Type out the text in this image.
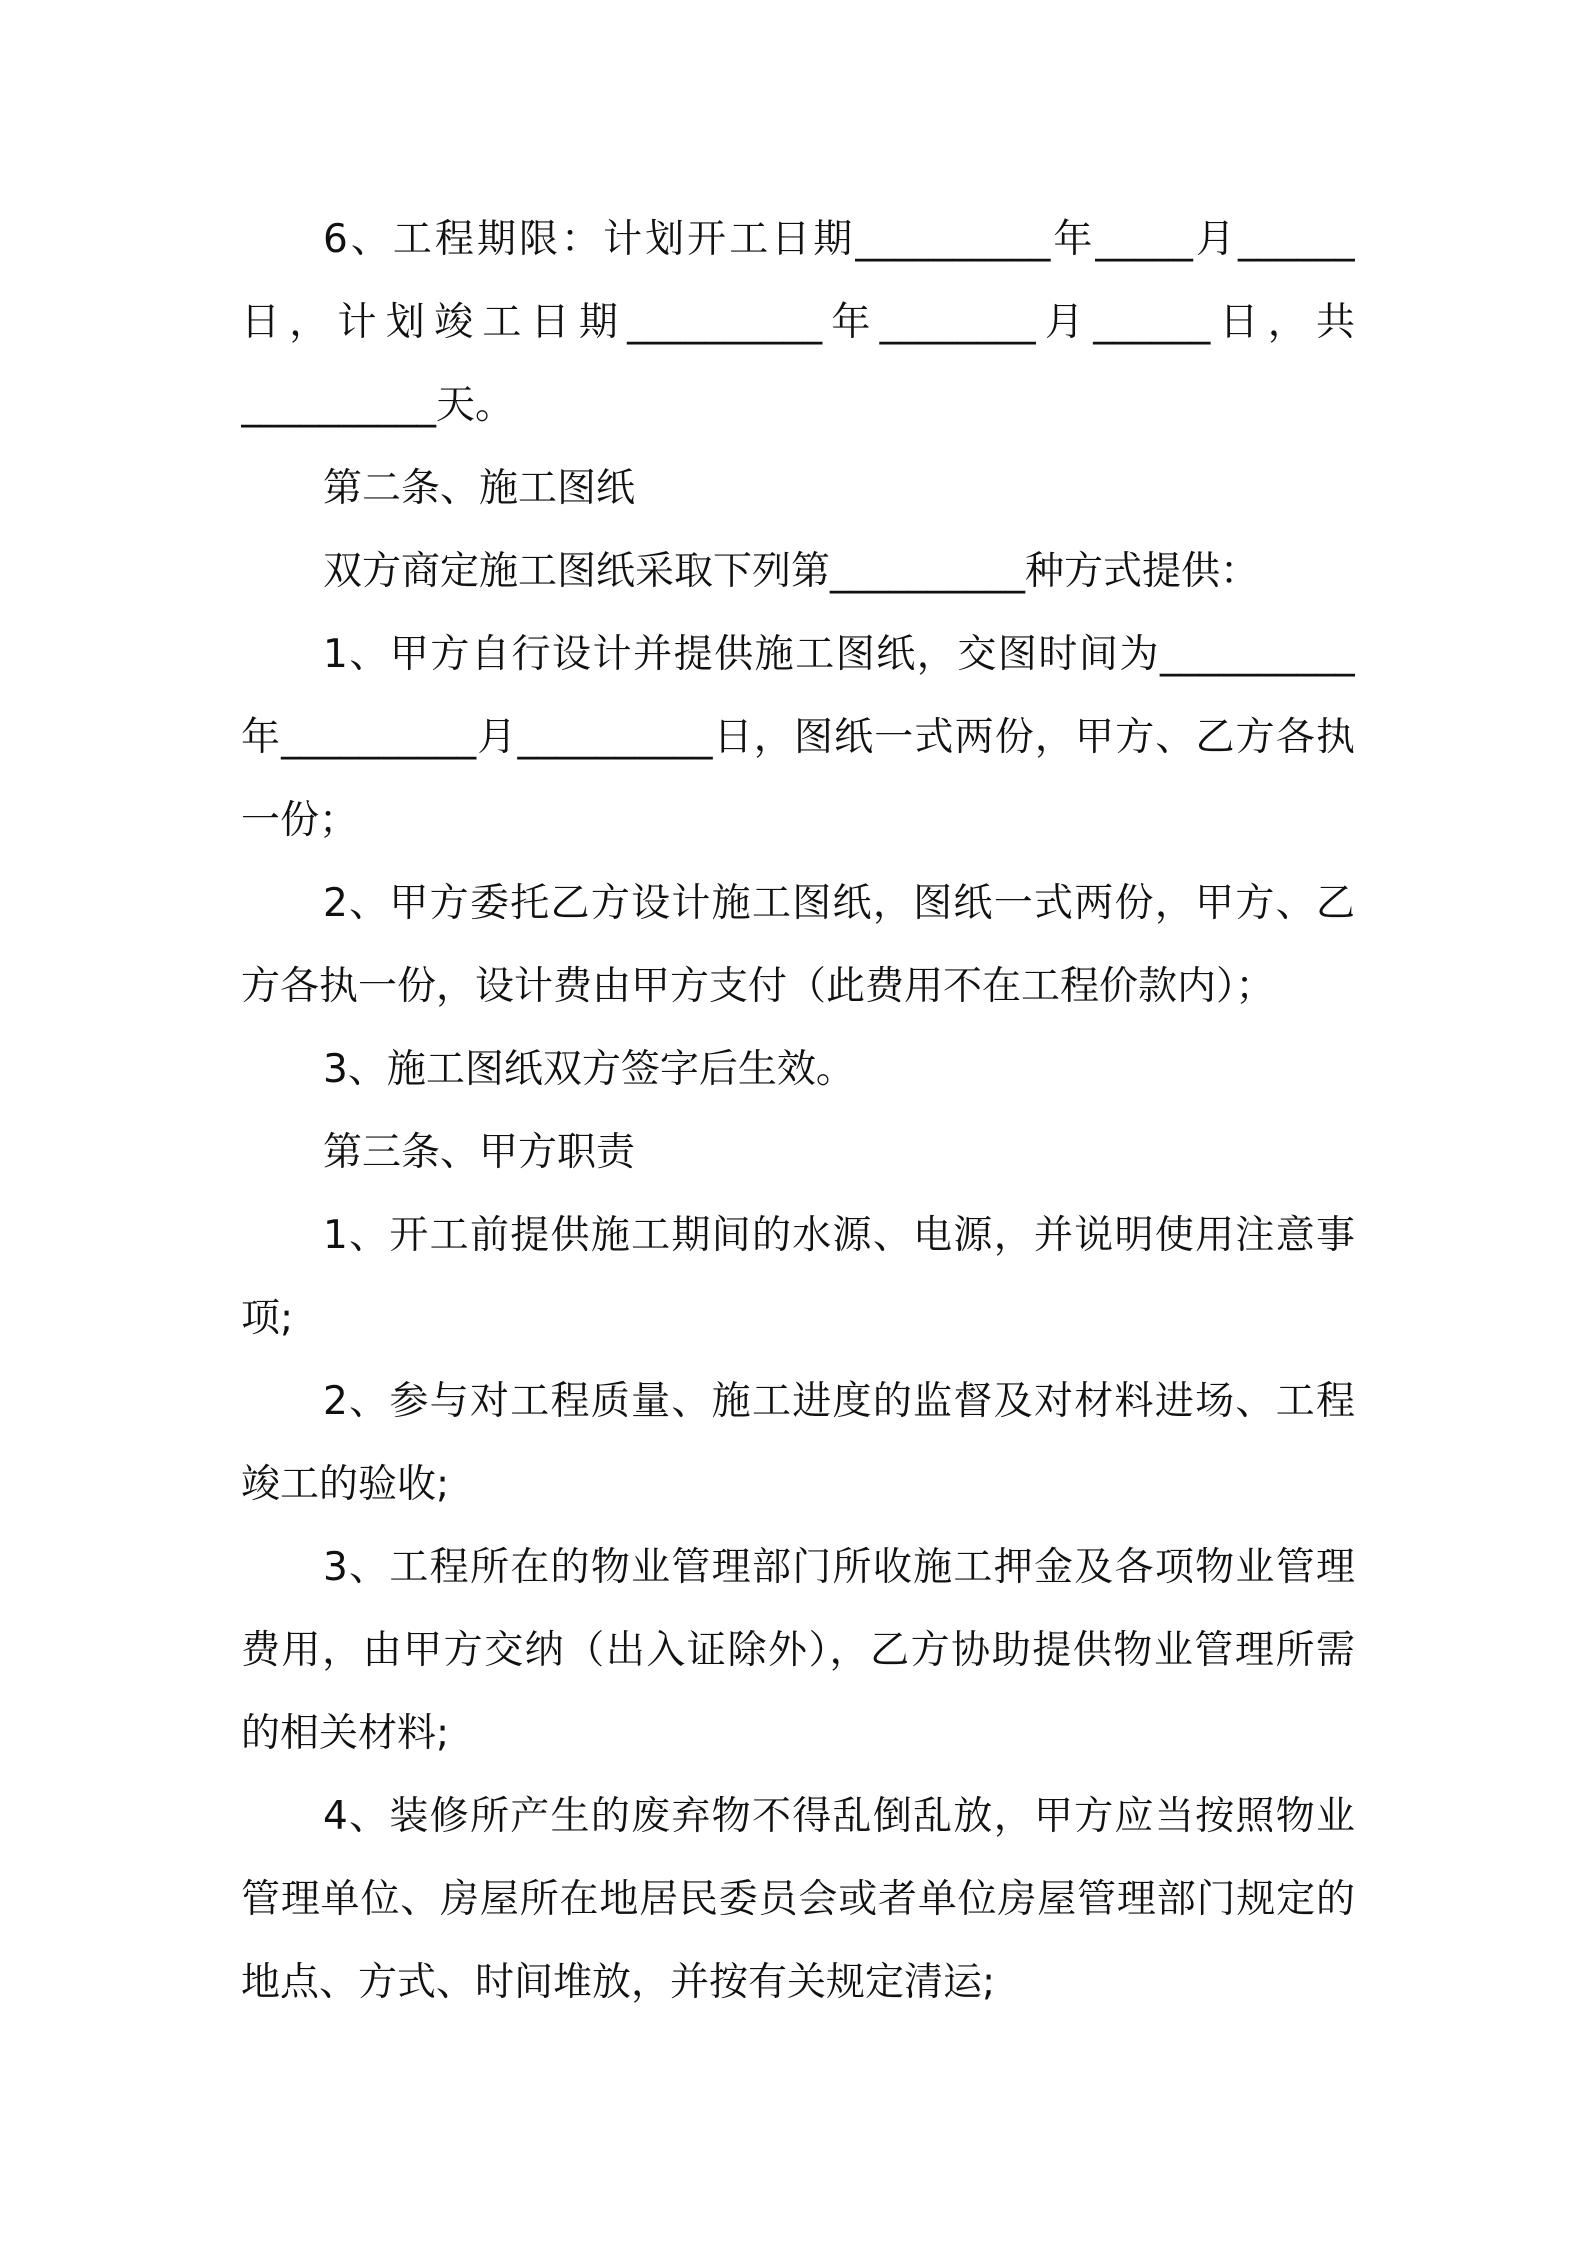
6、工程期限：计划开工日期__________年_____月______
日，计划竣工日期__________年________月______日，共
__________天。
第二条、施工图纸
双方商定施工图纸采取下列第__________种方式提供：
1、甲方自行设计并提供施工图纸，交图时间为__________
年__________月__________日，图纸一式两份，甲方、乙方各执
一份；
2、甲方委托乙方设计施工图纸，图纸一式两份，甲方、乙
方各执一份，设计费由甲方支付（此费用不在工程价款内）；
3、施工图纸双方签字后生效。
第三条、甲方职责
1、开工前提供施工期间的水源、电源，并说明使用注意事
项;
2、参与对工程质量、施工进度的监督及对材料进场、工程
竣工的验收;
3、工程所在的物业管理部门所收施工押金及各项物业管理
费用，由甲方交纳（出入证除外），乙方协助提供物业管理所需
的相关材料;
4、装修所产生的废弃物不得乱倒乱放，甲方应当按照物业
管理单位、房屋所在地居民委员会或者单位房屋管理部门规定的
地点、方式、时间堆放，并按有关规定清运;
